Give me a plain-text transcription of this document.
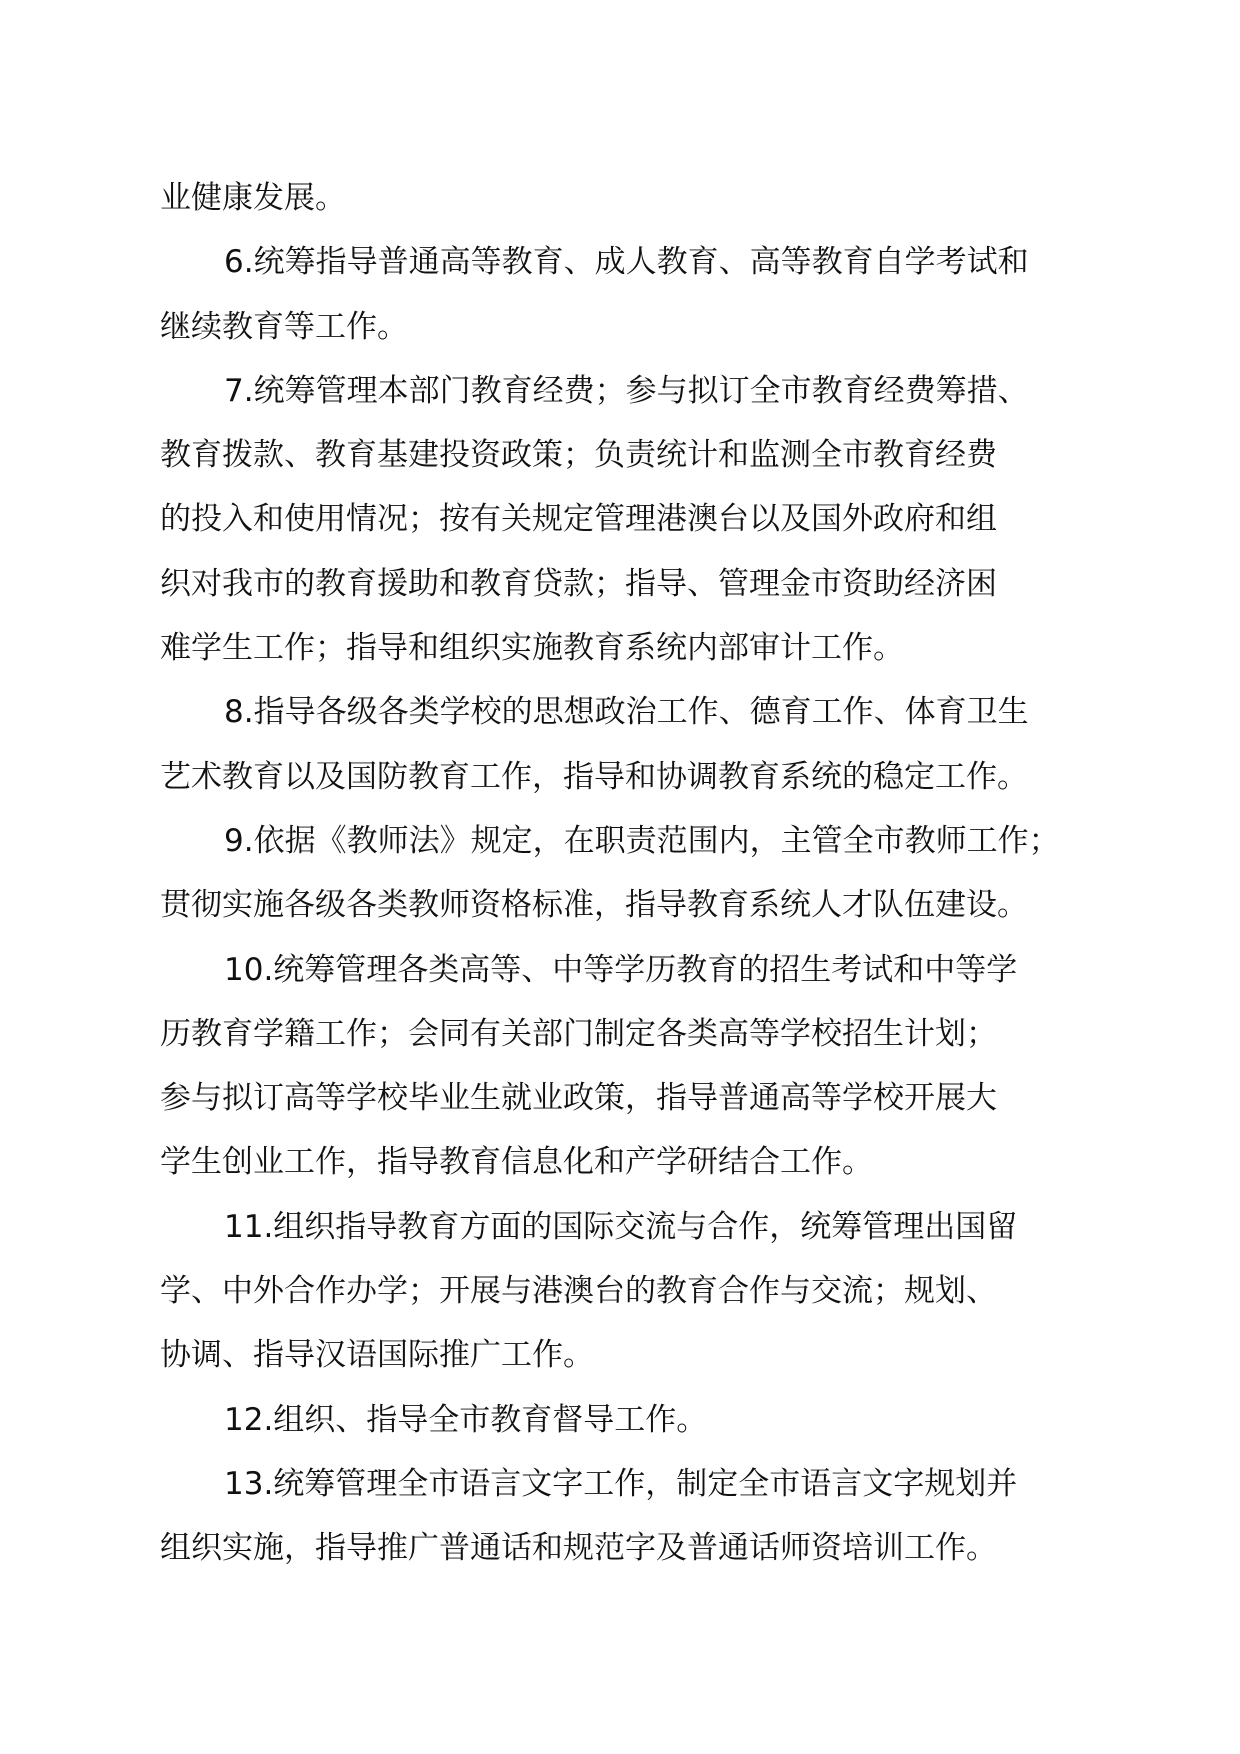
业健康发展。
6.统筹指导普通高等教育、成人教育、高等教育自学考试和
继续教育等工作。
7.统筹管理本部门教育经费；参与拟订全市教育经费筹措、
教育拨款、教育基建投资政策；负责统计和监测全市教育经费
的投入和使用情况；按有关规定管理港澳台以及国外政府和组
织对我市的教育援助和教育贷款；指导、管理金市资助经济困
难学生工作；指导和组织实施教育系统内部审计工作。
8.指导各级各类学校的思想政治工作、德育工作、体育卫生
艺术教育以及国防教育工作，指导和协调教育系统的稳定工作。
9.依据《教师法》规定，在职责范围内，主管全市教师工作；
贯彻实施各级各类教师资格标准，指导教育系统人才队伍建设。
10.统筹管理各类高等、中等学历教育的招生考试和中等学
历教育学籍工作；会同有关部门制定各类高等学校招生计划；
参与拟订高等学校毕业生就业政策，指导普通高等学校开展大
学生创业工作，指导教育信息化和产学研结合工作。
11.组织指导教育方面的国际交流与合作，统筹管理出国留
学、中外合作办学；开展与港澳台的教育合作与交流；规划、
协调、指导汉语国际推广工作。
12.组织、指导全市教育督导工作。
13.统筹管理全市语言文字工作，制定全市语言文字规划并
组织实施，指导推广普通话和规范字及普通话师资培训工作。
